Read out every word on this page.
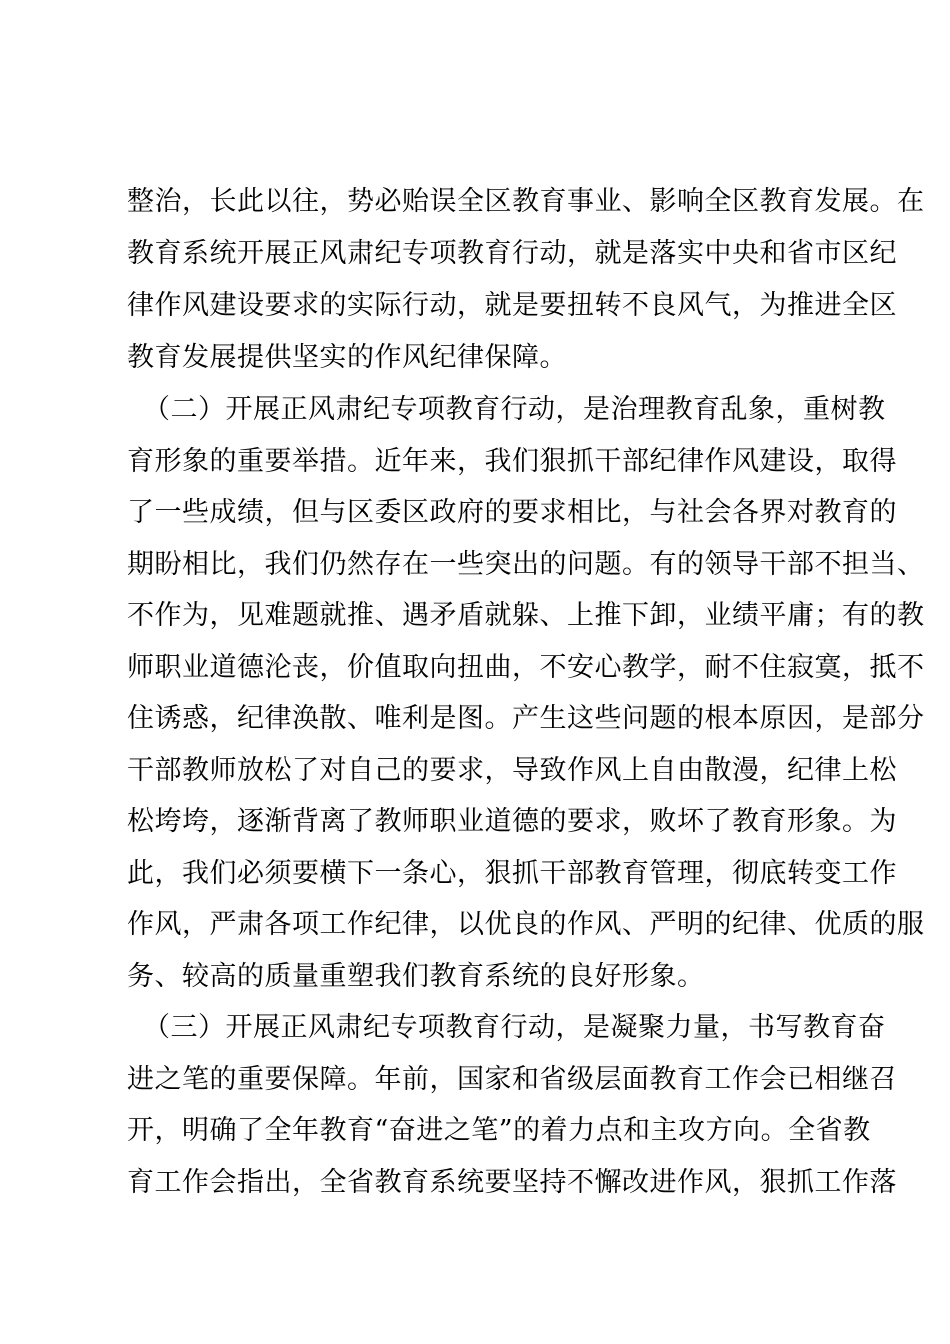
整治，长此以往，势必贻误全区教育事业、影响全区教育发展。在
教育系统开展正风肃纪专项教育行动，就是落实中央和省市区纪
律作风建设要求的实际行动，就是要扭转不良风气，为推进全区
教育发展提供坚实的作风纪律保障。
（二）开展正风肃纪专项教育行动，是治理教育乱象，重树教
育形象的重要举措。近年来，我们狠抓干部纪律作风建设，取得
了一些成绩，但与区委区政府的要求相比，与社会各界对教育的
期盼相比，我们仍然存在一些突出的问题。有的领导干部不担当、
不作为，见难题就推、遇矛盾就躲、上推下卸，业绩平庸；有的教
师职业道德沦丧，价值取向扭曲，不安心教学，耐不住寂寞，抵不
住诱惑，纪律涣散、唯利是图。产生这些问题的根本原因，是部分
干部教师放松了对自己的要求，导致作风上自由散漫，纪律上松
松垮垮，逐渐背离了教师职业道德的要求，败坏了教育形象。为
此，我们必须要横下一条心，狠抓干部教育管理，彻底转变工作
作风，严肃各项工作纪律，以优良的作风、严明的纪律、优质的服
务、较高的质量重塑我们教育系统的良好形象。
（三）开展正风肃纪专项教育行动，是凝聚力量，书写教育奋
进之笔的重要保障。年前，国家和省级层面教育工作会已相继召
开，明确了全年教育“奋进之笔”的着力点和主攻方向。全省教
育工作会指出，全省教育系统要坚持不懈改进作风，狠抓工作落
